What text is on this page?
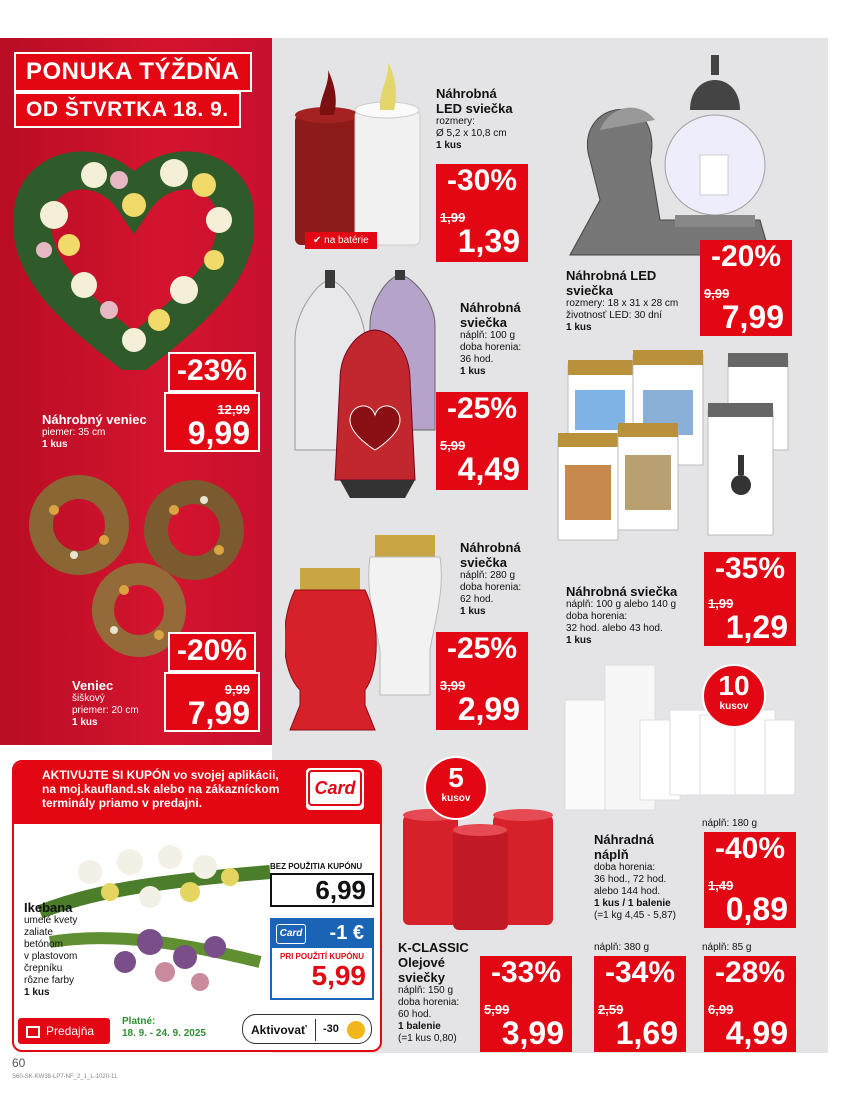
PONUKA TÝŽDŇA
OD ŠTVRTKA 18. 9.
-23%
12,99
9,99
Náhrobný veniec
piemer: 35 cm
1 kus
-20%
9,99
7,99
Veniec
šiškový
priemer: 20 cm
1 kus
✔ na batérie
Náhrobná
LED sviečka
rozmery:
Ø 5,2 x 10,8 cm
1 kus
-30%
1,99
1,39	-20%
9,99
7,99
Náhrobná LED
sviečka
rozmery: 18 x 31 x 28 cm
životnosť LED: 30 dní
1 kus
Náhrobná
sviečka
náplň: 100 g
doba horenia:
36 hod.
1 kus
-25%
5,99
4,49
-35%
1,99
1,29
Náhrobná sviečka
náplň: 100 g alebo 140 g
doba horenia:
32 hod. alebo 43 hod.
1 kus
Náhrobná
sviečka
náplň: 280 g
doba horenia:
62 hod.
1 kus
-25%
3,99
2,99
10
kusov
náplň: 180 g
Náhradná
náplň
doba horenia:
36 hod., 72 hod.
alebo 144 hod.
1 kus / 1 balenie
(=1 kg 4,45 - 5,87)
-40%
1,49
0,89
5
kusov
K-CLASSIC
Olejové
sviečky
náplň: 150 g
doba horenia:
60 hod.
1 balenie
(=1 kus 0,80)
-33%
5,99
3,99
náplň: 380 g
-34%
2,59
1,69
náplň: 85 g
-28%
6,99
4,99
AKTIVUJTE SI KUPÓN vo svojej aplikácii,
na moj.kaufland.sk alebo na zákazníckom
terminály priamo v predajni.
Card
Ikebana
umelé kvety
zaliate
betónom
v plastovom
črepníku
rôzne farby
1 kus
BEZ POUŽITIA KUPÓNU
6,99
Card -1 €
PRI POUŽITÍ KUPÓNU
5,99
Predajňa
Platné:
18. 9. - 24. 9. 2025	Aktivovať -30
60
S60-SK-KW38-LP7-NF_2_1_L-1020-11
